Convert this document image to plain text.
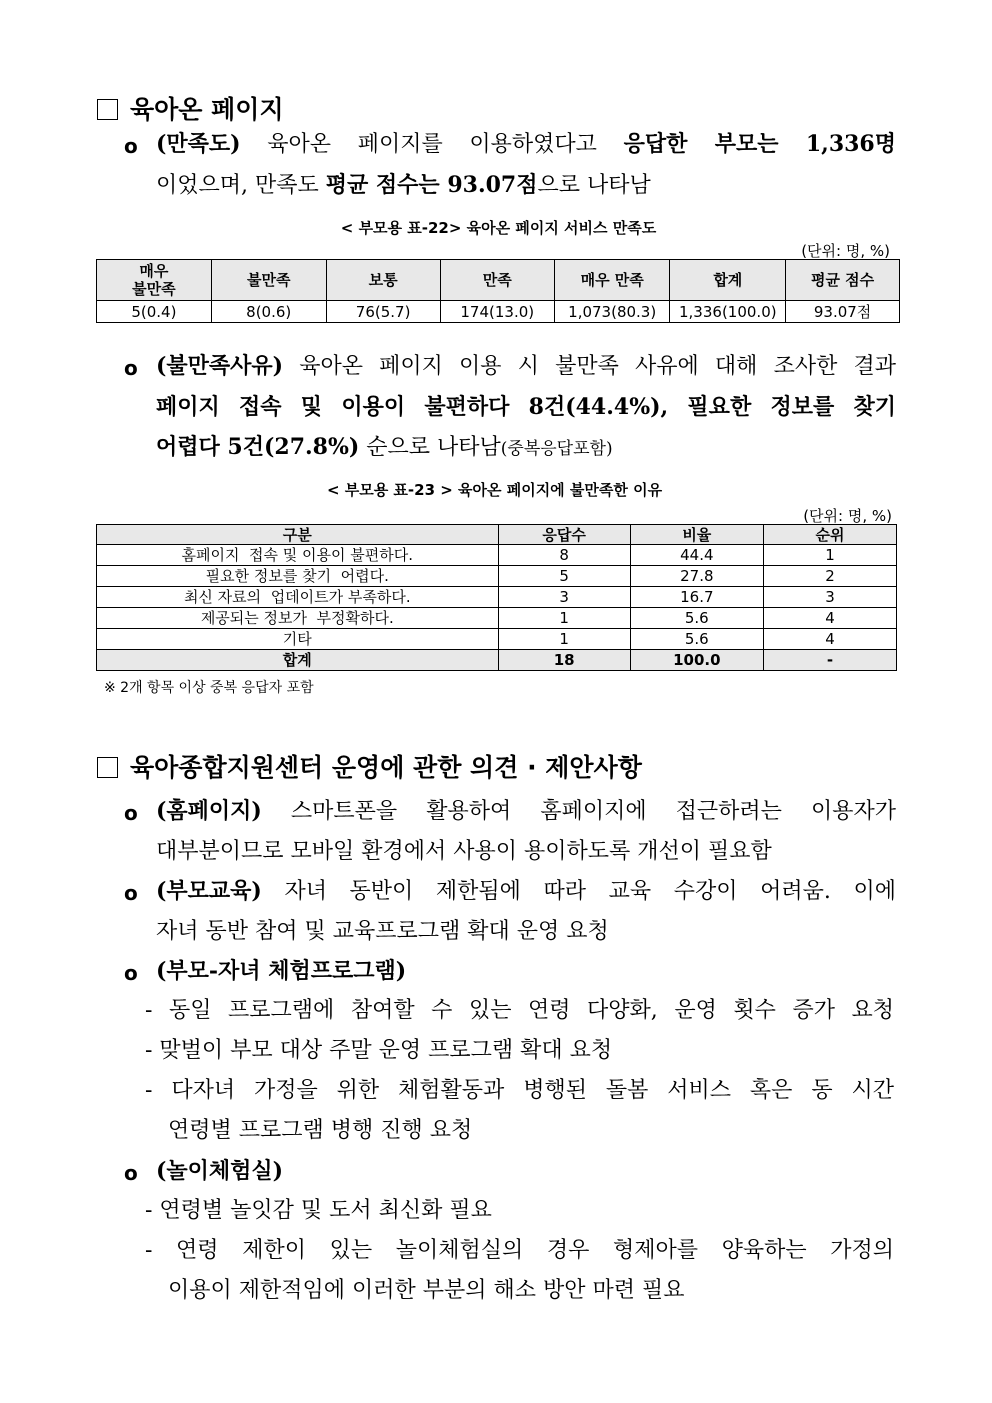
육아온 페이지
o (만족도) 육아온 페이지를 이용하였다고 응답한 부모는 1,336명
이었으며, 만족도 평균 점수는 93.07점으로 나타남
< 부모용 표-22> 육아온 페이지 서비스 만족도
(단위: 명, %)
매우
불만족	불만족	보통	만족	매우 만족	합계	평균 점수
5(0.4)	8(0.6)	76(5.7)	174(13.0)	1,073(80.3)	1,336(100.0)	93.07점
o (불만족사유) 육아온 페이지 이용 시 불만족 사유에 대해 조사한 결과
페이지 접속 및 이용이 불편하다 8건(44.4%), 필요한 정보를 찾기
어렵다 5건(27.8%) 순으로 나타남(중복응답포함)
< 부모용 표-23 > 육아온 페이지에 불만족한 이유
(단위: 명, %)
구분	응답수	비율	순위
홈페이지  접속 및 이용이 불편하다.	8	44.4	1
필요한 정보를 찾기  어렵다.	5	27.8	2
최신 자료의  업데이트가 부족하다.	3	16.7	3
제공되는 정보가  부정확하다.	1	5.6	4
기타	1	5.6	4
합계	18	100.0	-
※ 2개 항목 이상 중복 응답자 포함
육아종합지원센터 운영에 관한 의견 · 제안사항
o (홈페이지) 스마트폰을 활용하여 홈페이지에 접근하려는 이용자가
대부분이므로 모바일 환경에서 사용이 용이하도록 개선이 필요함
o (부모교육) 자녀 동반이 제한됨에 따라 교육 수강이 어려움. 이에
자녀 동반 참여 및 교육프로그램 확대 운영 요청
o (부모-자녀 체험프로그램)
- 동일 프로그램에 참여할 수 있는 연령 다양화, 운영 횟수 증가 요청
- 맞벌이 부모 대상 주말 운영 프로그램 확대 요청
- 다자녀 가정을 위한 체험활동과 병행된 돌봄 서비스 혹은 동 시간
연령별 프로그램 병행 진행 요청
o (놀이체험실)
- 연령별 놀잇감 및 도서 최신화 필요
- 연령 제한이 있는 놀이체험실의 경우 형제아를 양육하는 가정의
이용이 제한적임에 이러한 부분의 해소 방안 마련 필요
